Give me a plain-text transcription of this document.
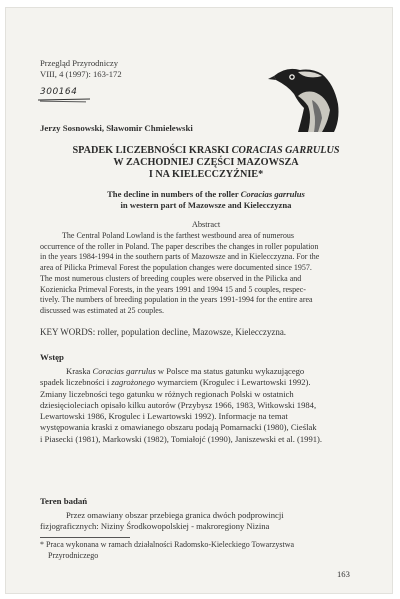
Przegląd Przyrodniczy
VIII, 4 (1997): 163-172
300164
Jerzy Sosnowski, Sławomir Chmielewski
SPADEK LICZEBNOŚCI KRASKI CORACIAS GARRULUS
W ZACHODNIEJ CZĘŚCI MAZOWSZA
I NA KIELECCZYŹNIE*
The decline in numbers of the roller Coracias garrulus
in western part of Mazowsze and Kielecczyzna
Abstract
The Central Poland Lowland is the farthest westbound area of numerous
occurrence of the roller in Poland. The paper describes the changes in roller population
in the years 1984-1994 in the southern parts of Mazowsze and in Kielecczyzna. For the
area of Pilicka Primeval Forest the population changes were documented since 1957.
The most numerous clusters of breeding couples were observed in the Pilicka and
Kozienicka Primeval Forests, in the years 1991 and 1994 15 and 5 couples, respec-
tively. The numbers of breeding population in the years 1991-1994 for the entire area
discussed was estimated at 25 couples.
KEY WORDS: roller, population decline, Mazowsze, Kielecczyzna.
Wstęp
Kraska Coracias garrulus w Polsce ma status gatunku wykazującego
spadek liczebności i zagrożonego wymarciem (Krogulec i Lewartowski 1992).
Zmiany liczebności tego gatunku w różnych regionach Polski w ostatnich
dziesięcioleciach opisało kilku autorów (Przybysz 1966, 1983, Witkowski 1984,
Lewartowski 1986, Krogulec i Lewartowski 1992). Informacje na temat
występowania kraski z omawianego obszaru podają Pomarnacki (1980), Cieślak
i Piasecki (1981), Markowski (1982), Tomiałojć (1990), Janiszewski et al. (1991).
Teren badań
Przez omawiany obszar przebiega granica dwóch podprowincji
fizjograficznych: Niziny Środkowopolskiej - makroregiony Nizina
* Praca wykonana w ramach działalności Radomsko-Kieleckiego Towarzystwa
Przyrodniczego
163
